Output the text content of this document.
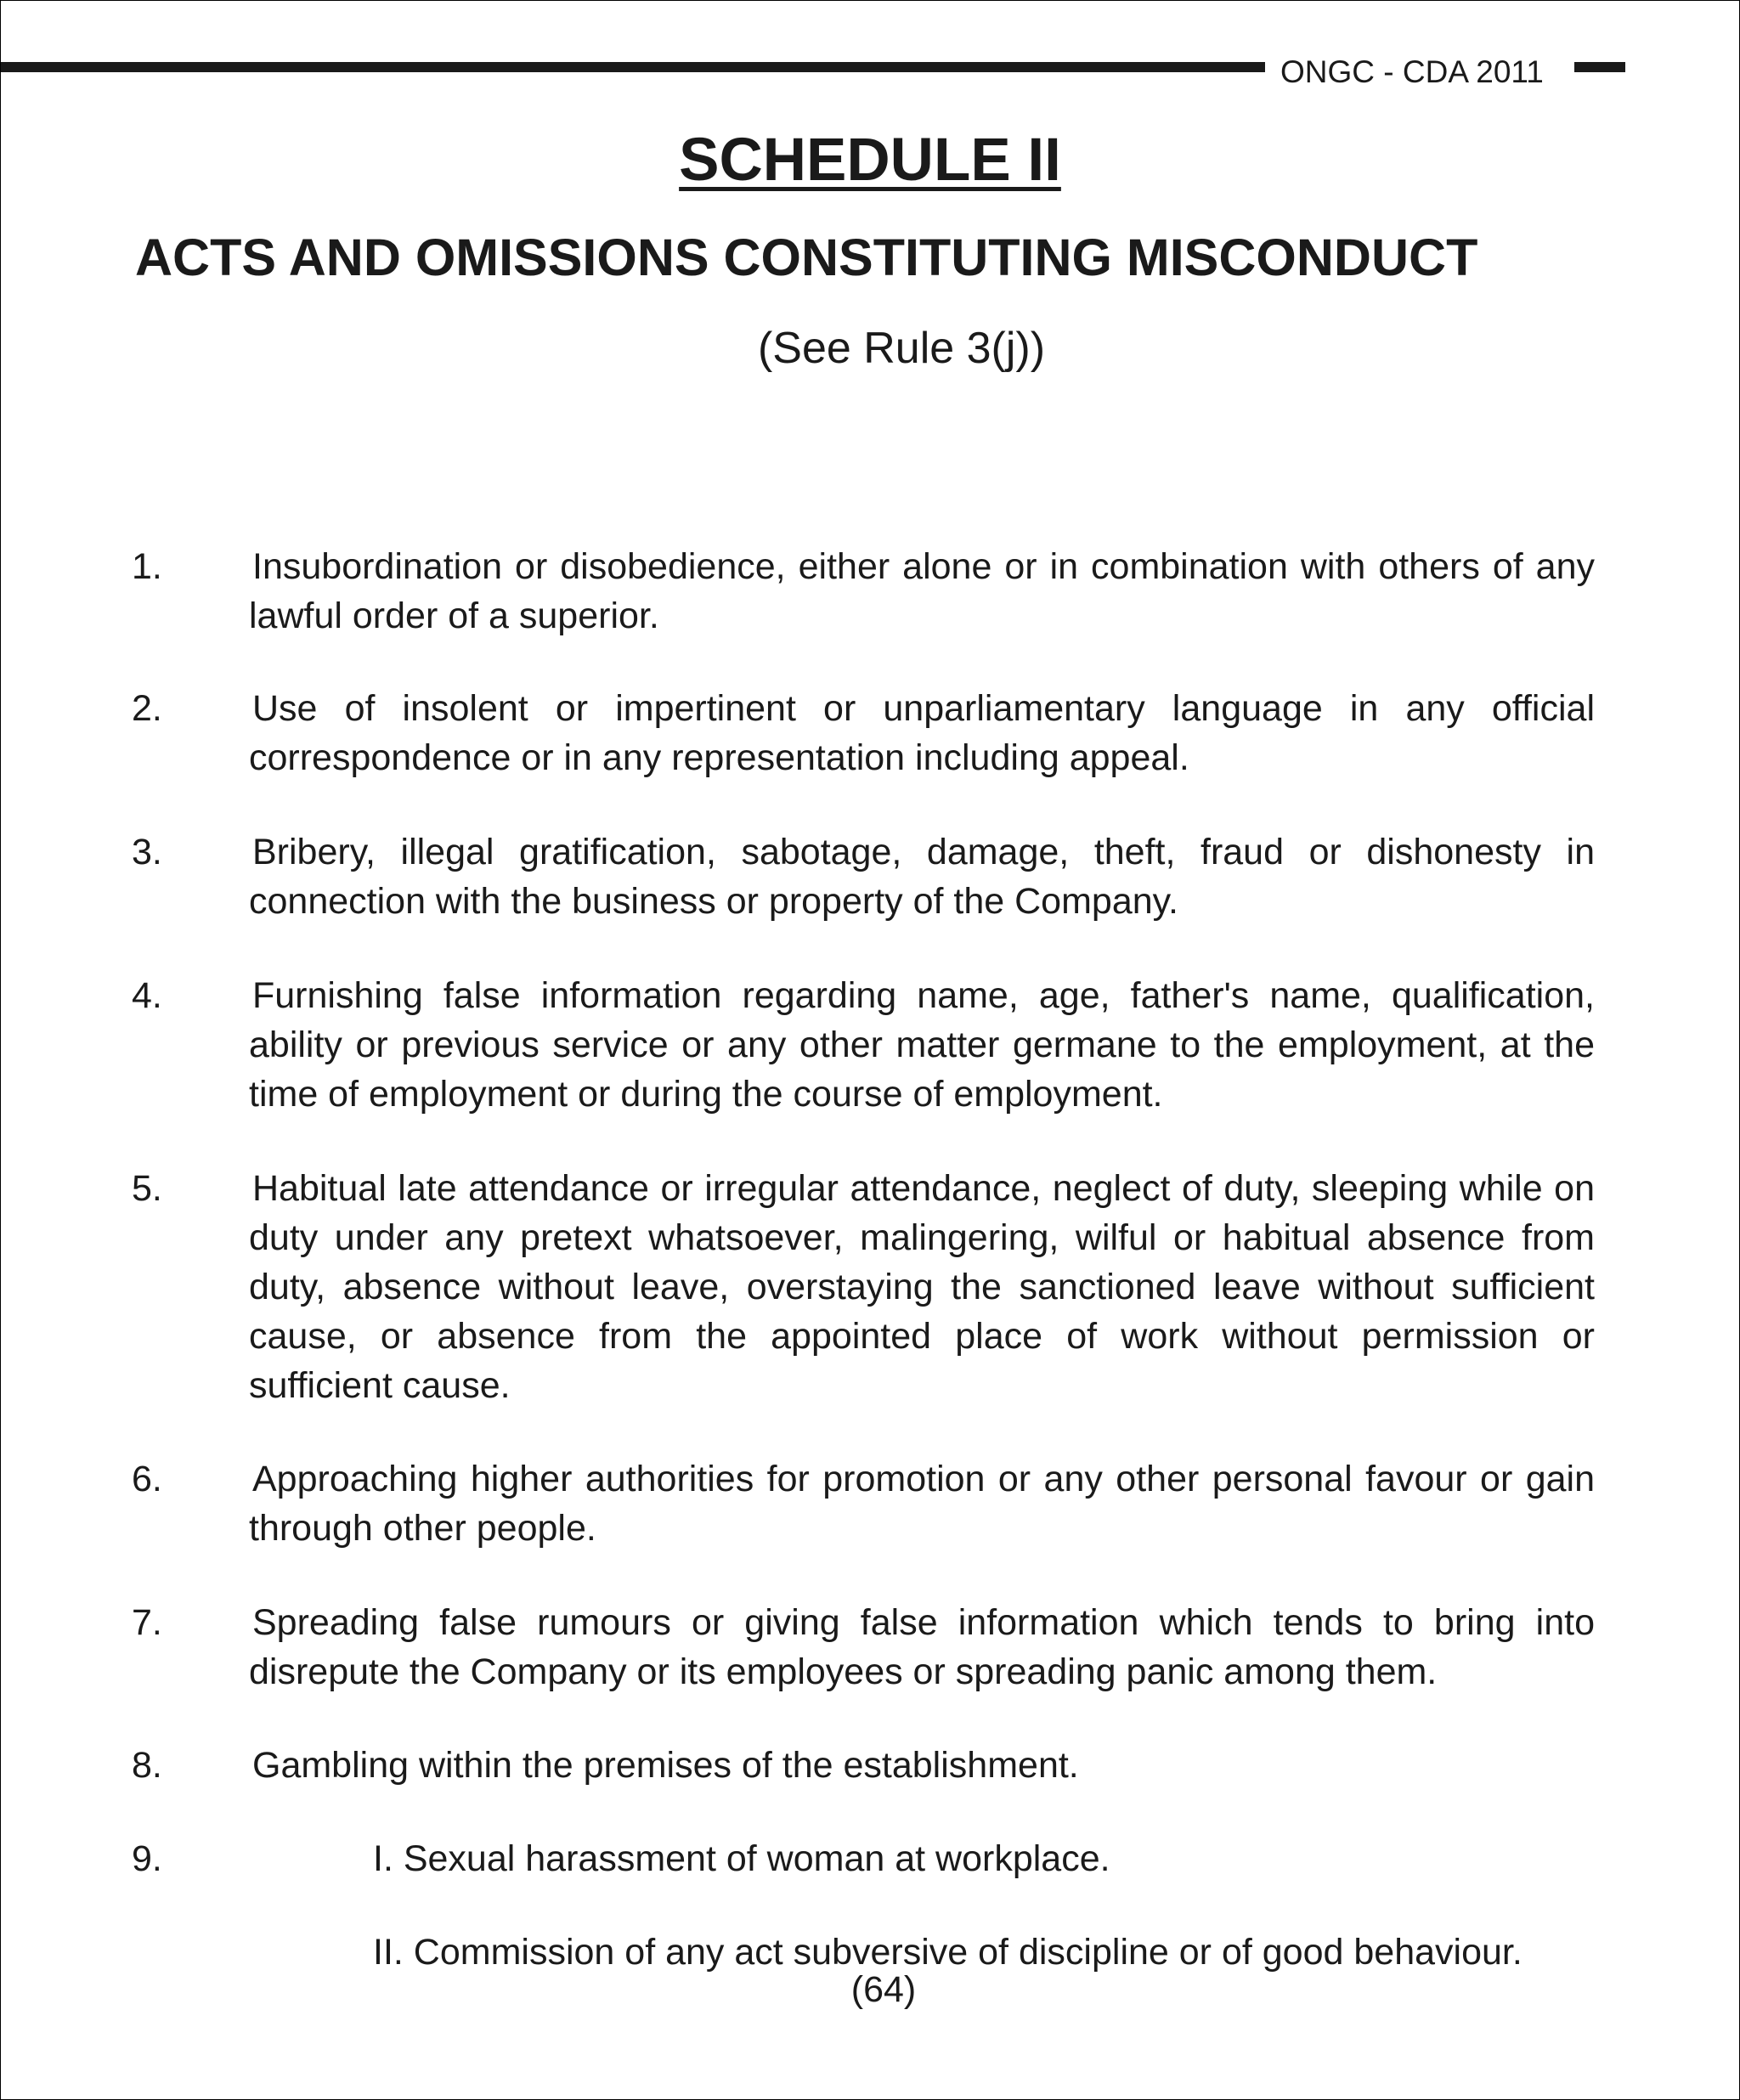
ONGC - CDA 2011
SCHEDULE II
ACTS AND OMISSIONS CONSTITUTING MISCONDUCT
(See Rule 3(j))
1. Insubordination or disobedience, either alone or in combination with others of any lawful order of a superior.
2. Use of insolent or impertinent or unparliamentary language in any official correspondence or in any representation including appeal.
3. Bribery, illegal gratification, sabotage, damage, theft, fraud or dishonesty in connection with the business or property of the Company.
4. Furnishing false information regarding name, age, father's name, qualification, ability or previous service or any other matter germane to the employment, at the time of employment or during the course of employment.
5. Habitual late attendance or irregular attendance, neglect of duty, sleeping while on duty under any pretext whatsoever, malingering, wilful or habitual absence from duty, absence without leave, overstaying the sanctioned leave without sufficient cause, or absence from the appointed place of work without permission or sufficient cause.
6. Approaching higher authorities for promotion or any other personal favour or gain through other people.
7. Spreading false rumours or giving false information which tends to bring into disrepute the Company or its employees or spreading panic among them.
8. Gambling within the premises of the establishment.
9.	I. Sexual harassment of woman at workplace.
II. Commission of any act subversive of discipline or of good behaviour.
(64)
